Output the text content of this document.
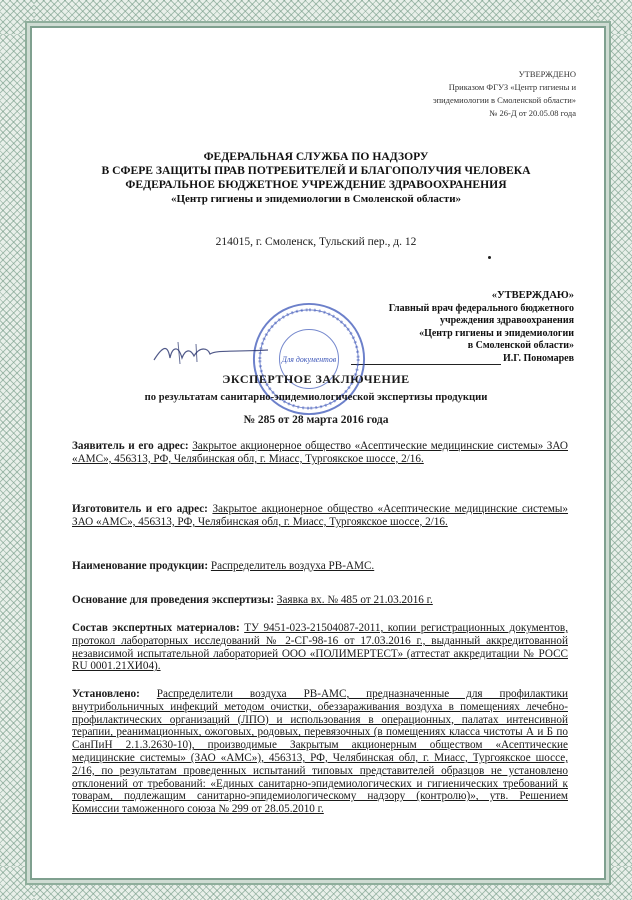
УТВЕРЖДЕНО
Приказом ФГУЗ «Центр гигиены и
эпидемиологии в Смоленской области»
№ 26-Д от 20.05.08 года
ФЕДЕРАЛЬНАЯ СЛУЖБА ПО НАДЗОРУ
В СФЕРЕ ЗАЩИТЫ ПРАВ ПОТРЕБИТЕЛЕЙ И БЛАГОПОЛУЧИЯ ЧЕЛОВЕКА
ФЕДЕРАЛЬНОЕ БЮДЖЕТНОЕ УЧРЕЖДЕНИЕ ЗДРАВООХРАНЕНИЯ
«Центр гигиены и эпидемиологии в Смоленской области»
214015, г. Смоленск, Тульский пер., д. 12
«УТВЕРЖДАЮ»
Главный врач федерального бюджетного
учреждения здравоохранения
«Центр гигиены и эпидемиологии
в Смоленской области»
И.Г. Пономарев
Для документов
ЭКСПЕРТНОЕ ЗАКЛЮЧЕНИЕ
по результатам санитарно-эпидемиологической экспертизы продукции
№ 285 от 28 марта 2016 года
Заявитель и его адрес: Закрытое акционерное общество «Асептические медицинские системы» ЗАО «АМС», 456313, РФ, Челябинская обл, г. Миасс, Тургоякское шоссе, 2/16.
Изготовитель и его адрес: Закрытое акционерное общество «Асептические медицинские системы» ЗАО «АМС», 456313, РФ, Челябинская обл, г. Миасс, Тургоякское шоссе, 2/16.
Наименование продукции: Распределитель воздуха РВ-АМС.
Основание для проведения экспертизы: Заявка вх. № 485 от 21.03.2016 г.
Состав экспертных материалов: ТУ 9451-023-21504087-2011, копии регистрационных документов, протокол лабораторных исследований № 2-СГ-98-16 от 17.03.2016 г., выданный аккредитованной независимой испытательной лабораторией ООО «ПОЛИМЕРТЕСТ» (аттестат аккредитации № РОСС RU 0001.21ХИ04).
Установлено: Распределители воздуха РВ-АМС, предназначенные для профилактики внутрибольничных инфекций методом очистки, обеззараживания воздуха в помещениях лечебно-профилактических организаций (ЛПО) и использования в операционных, палатах интенсивной терапии, реанимационных, ожоговых, родовых, перевязочных (в помещениях класса чистоты А и Б по СанПиН 2.1.3.2630-10), производимые Закрытым акционерным обществом «Асептические медицинские системы» (ЗАО «АМС»), 456313, РФ, Челябинская обл, г. Миасс, Тургоякское шоссе, 2/16, по результатам проведенных испытаний типовых представителей образцов не установлено отклонений от требований: «Единых санитарно-эпидемиологических и гигиенических требований к товарам, подлежащим санитарно-эпидемиологическому надзору (контролю)», утв. Решением Комиссии таможенного союза № 299 от 28.05.2010 г.
